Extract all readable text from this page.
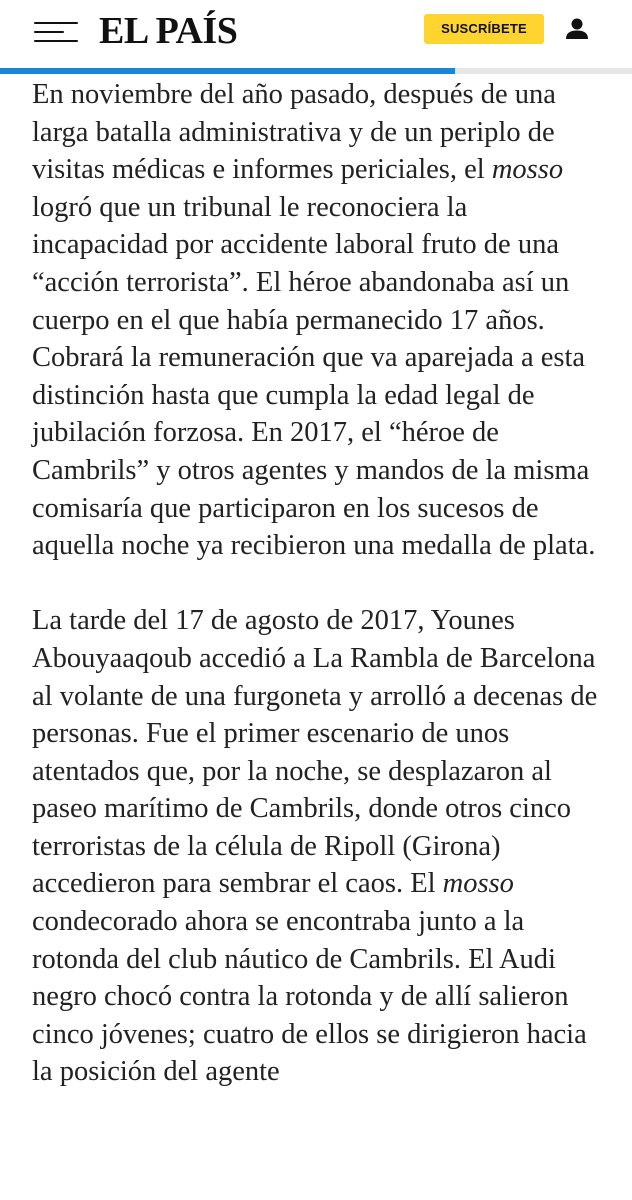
EL PAÍS	SUSCRÍBETE

En noviembre del año pasado, después de una larga batalla administrativa y de un periplo de visitas médicas e informes periciales, el mosso logró que un tribunal le reconociera la incapacidad por accidente laboral fruto de una “acción terrorista”. El héroe abandonaba así un cuerpo en el que había permanecido 17 años. Cobrará la remuneración que va aparejada a esta distinción hasta que cumpla la edad legal de jubilación forzosa. En 2017, el “héroe de Cambrils” y otros agentes y mandos de la misma comisaría que participaron en los sucesos de aquella noche ya recibieron una medalla de plata.

La tarde del 17 de agosto de 2017, Younes Abouyaaqoub accedió a La Rambla de Barcelona al volante de una furgoneta y arrolló a decenas de personas. Fue el primer escenario de unos atentados que, por la noche, se desplazaron al paseo marítimo de Cambrils, donde otros cinco terroristas de la célula de Ripoll (Girona) accedieron para sembrar el caos. El mosso condecorado ahora se encontraba junto a la rotonda del club náutico de Cambrils. El Audi negro chocó contra la rotonda y de allí salieron cinco jóvenes; cuatro de ellos se dirigieron hacia la posición del agente
